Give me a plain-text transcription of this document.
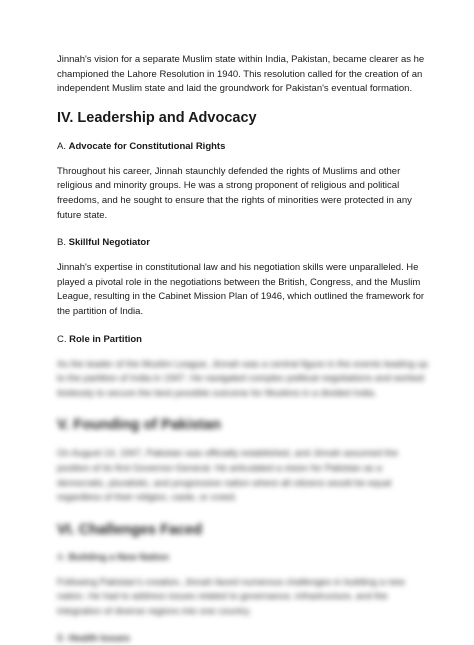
Jinnah's vision for a separate Muslim state within India, Pakistan, became clearer as he championed the Lahore Resolution in 1940. This resolution called for the creation of an independent Muslim state and laid the groundwork for Pakistan's eventual formation.

IV. Leadership and Advocacy
A. Advocate for Constitutional Rights

Throughout his career, Jinnah staunchly defended the rights of Muslims and other religious and minority groups. He was a strong proponent of religious and political freedoms, and he sought to ensure that the rights of minorities were protected in any future state.

B. Skillful Negotiator

Jinnah's expertise in constitutional law and his negotiation skills were unparalleled. He played a pivotal role in the negotiations between the British, Congress, and the Muslim League, resulting in the Cabinet Mission Plan of 1946, which outlined the framework for the partition of India.

C. Role in Partition

As the leader of the Muslim League, Jinnah was a central figure in the events leading up to the partition of India in 1947. He navigated complex political negotiations and worked tirelessly to secure the best possible outcome for Muslims in a divided India.

V. Founding of Pakistan

On August 14, 1947, Pakistan was officially established, and Jinnah assumed the position of its first Governor-General. He articulated a vision for Pakistan as a democratic, pluralistic, and progressive nation where all citizens would be equal regardless of their religion, caste, or creed.

VI. Challenges Faced
A. Building a New Nation

Following Pakistan's creation, Jinnah faced numerous challenges in building a new nation. He had to address issues related to governance, infrastructure, and the integration of diverse regions into one country.

B. Health Issues
